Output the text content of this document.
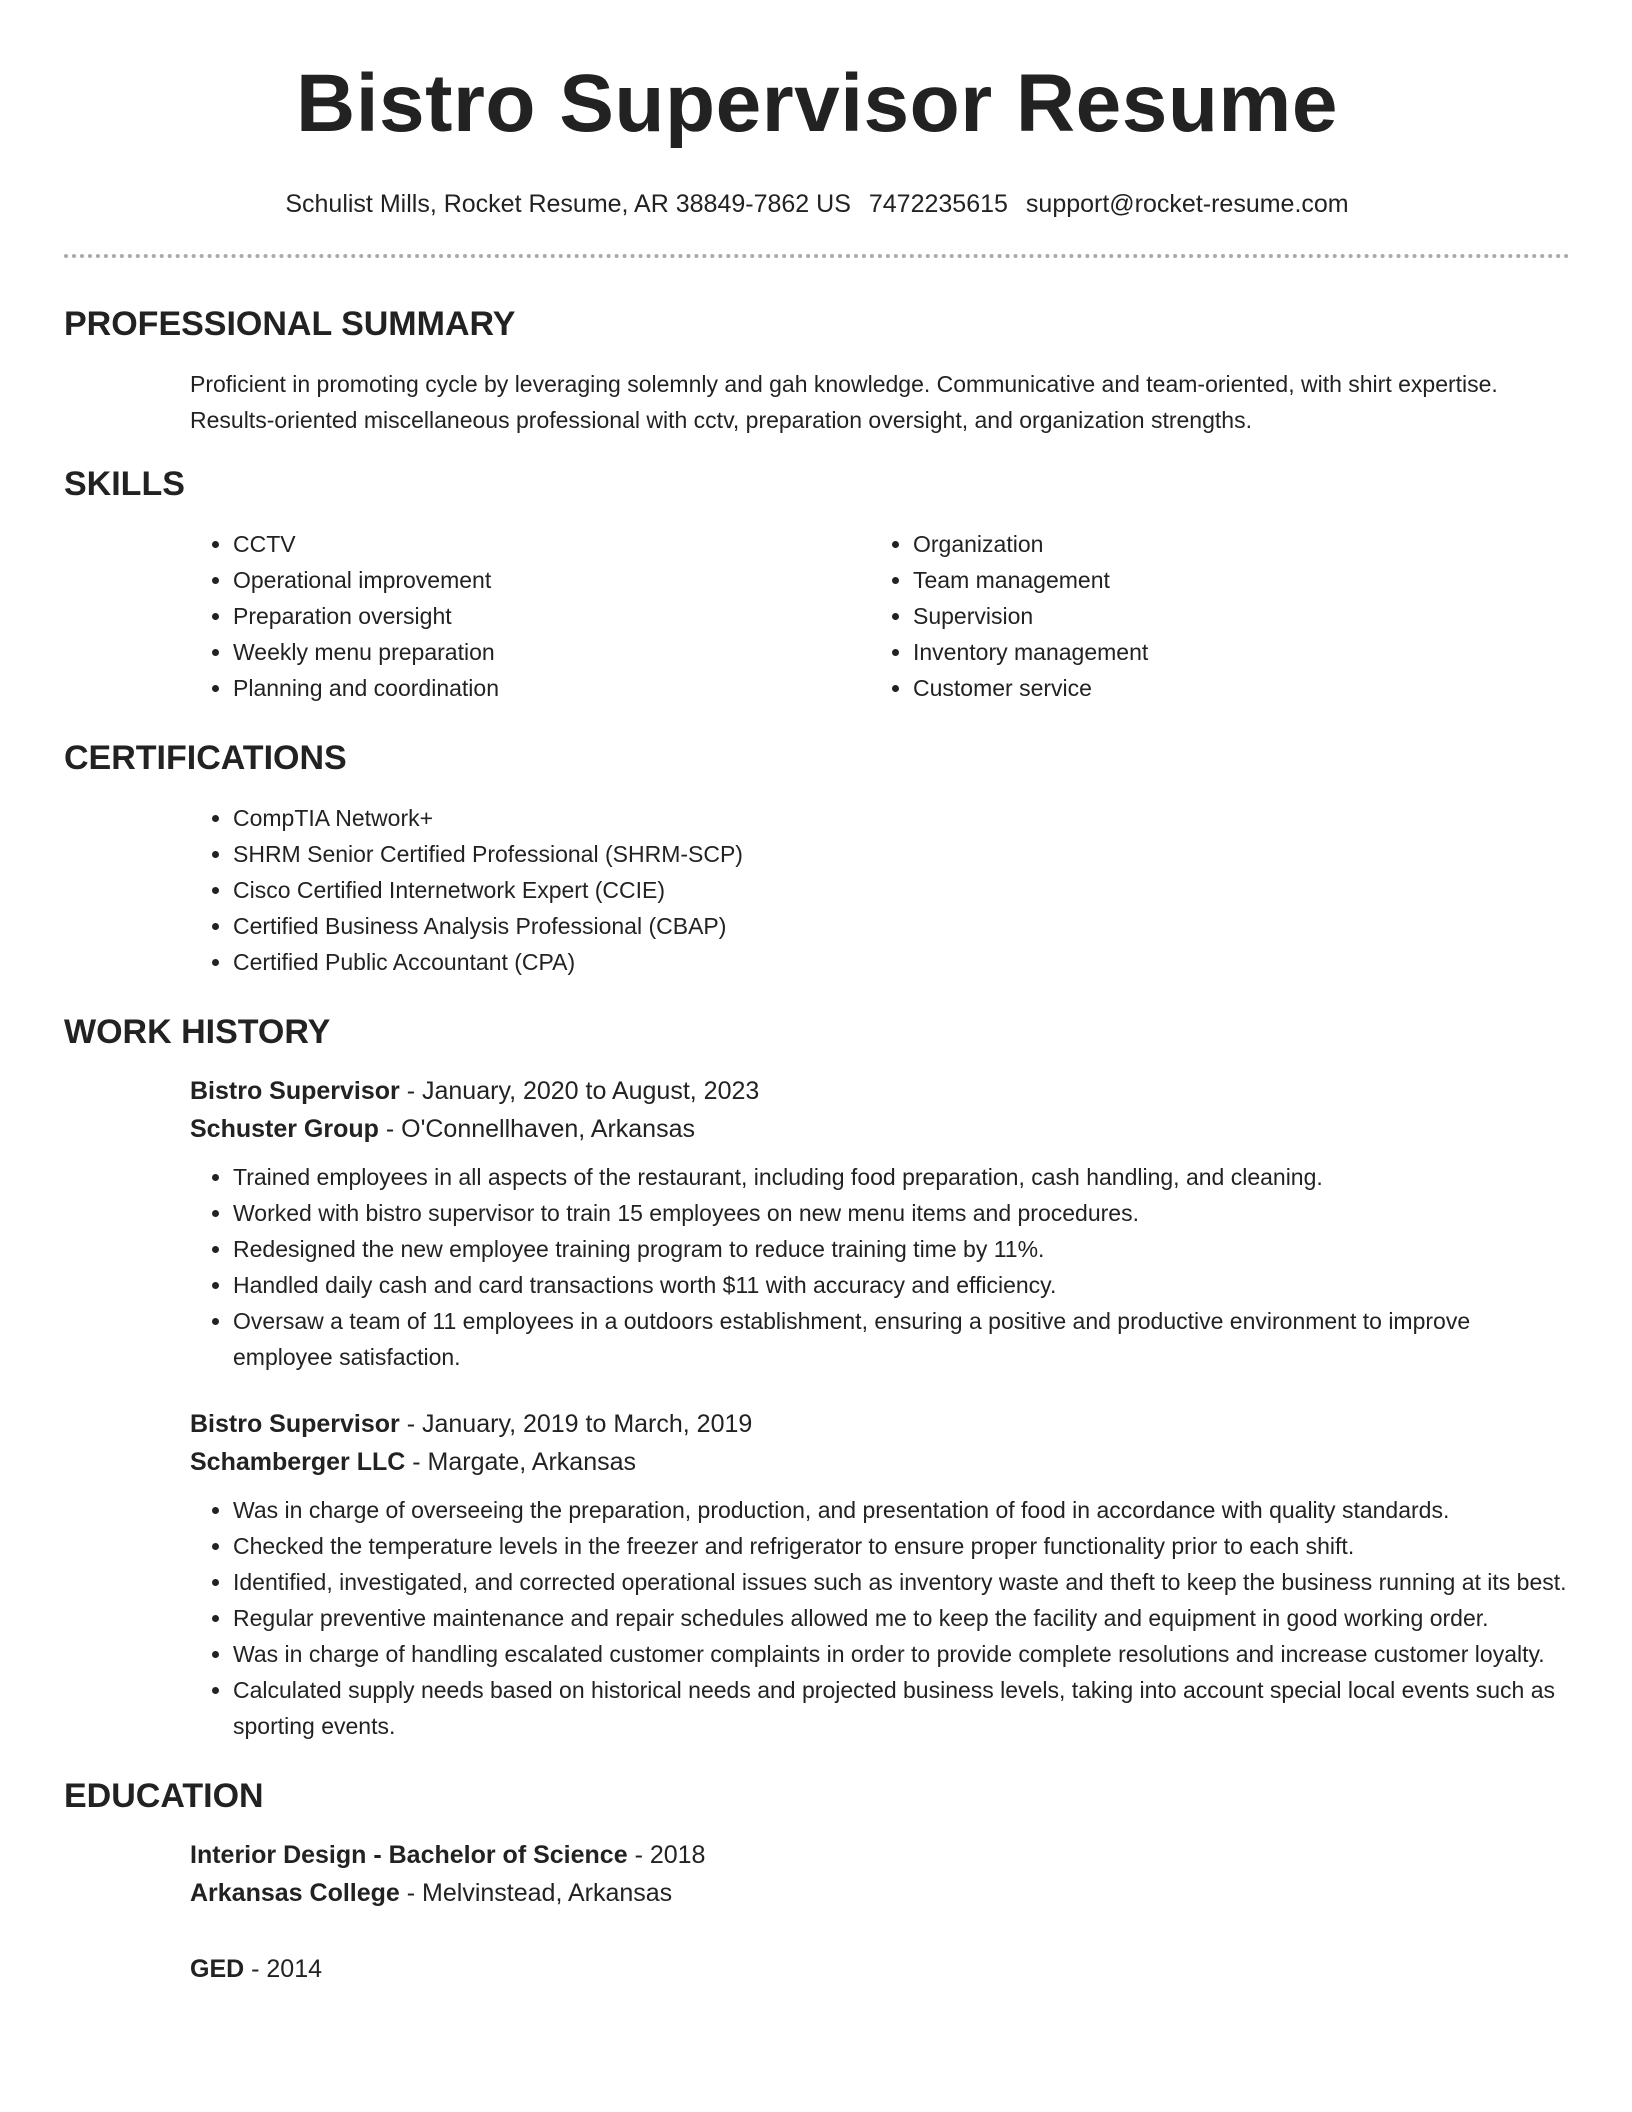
Bistro Supervisor Resume
Schulist Mills, Rocket Resume, AR 38849-7862 US 7472235615 support@rocket-resume.com
PROFESSIONAL SUMMARY

Proficient in promoting cycle by leveraging solemnly and gah knowledge. Communicative and team-oriented, with shirt expertise. Results-oriented miscellaneous professional with cctv, preparation oversight, and organization strengths.

SKILLS
• CCTV
• Operational improvement
• Preparation oversight
• Weekly menu preparation
• Planning and coordination
• Organization
• Team management
• Supervision
• Inventory management
• Customer service
CERTIFICATIONS
• CompTIA Network+
• SHRM Senior Certified Professional (SHRM-SCP)
• Cisco Certified Internetwork Expert (CCIE)
• Certified Business Analysis Professional (CBAP)
• Certified Public Accountant (CPA)
WORK HISTORY
Bistro Supervisor - January, 2020 to August, 2023
Schuster Group - O'Connellhaven, Arkansas
• Trained employees in all aspects of the restaurant, including food preparation, cash handling, and cleaning.
• Worked with bistro supervisor to train 15 employees on new menu items and procedures.
• Redesigned the new employee training program to reduce training time by 11%.
• Handled daily cash and card transactions worth $11 with accuracy and efficiency.
• Oversaw a team of 11 employees in a outdoors establishment, ensuring a positive and productive environment to improve employee satisfaction.
Bistro Supervisor - January, 2019 to March, 2019
Schamberger LLC - Margate, Arkansas
• Was in charge of overseeing the preparation, production, and presentation of food in accordance with quality standards.
• Checked the temperature levels in the freezer and refrigerator to ensure proper functionality prior to each shift.
• Identified, investigated, and corrected operational issues such as inventory waste and theft to keep the business running at its best.
• Regular preventive maintenance and repair schedules allowed me to keep the facility and equipment in good working order.
• Was in charge of handling escalated customer complaints in order to provide complete resolutions and increase customer loyalty.
• Calculated supply needs based on historical needs and projected business levels, taking into account special local events such as sporting events.
EDUCATION
Interior Design - Bachelor of Science - 2018
Arkansas College - Melvinstead, Arkansas
GED - 2014
